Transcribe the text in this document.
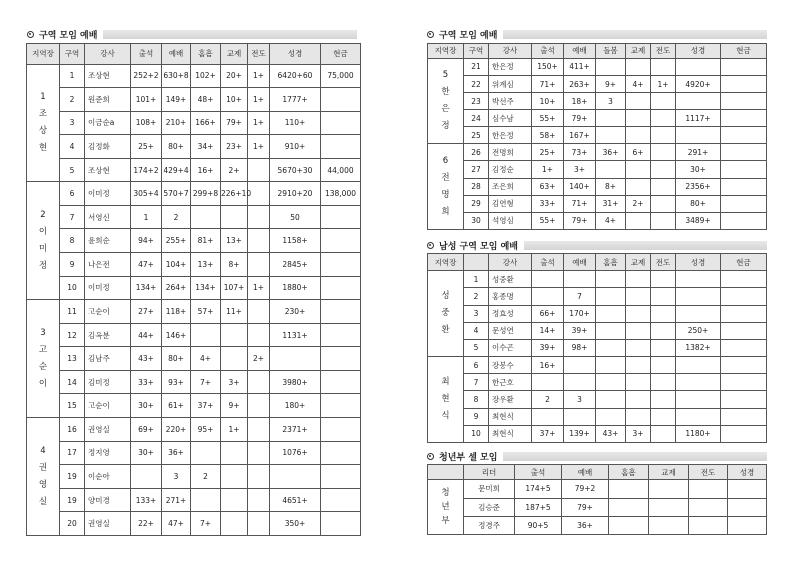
구역 모임 예배
지역장	구역	강사	출석	예배	홈흠	교제	전도	성경	현금

1
조
상
현	1	조상현	252+2	630+8	102+	20+	1+	6420+60	75,000
	2	원준희	101+	149+	48+	10+	1+	1777+	
	3	이금순a	108+	210+	166+	79+	1+	110+	
	4	김정화	25+	80+	34+	23+	1+	910+	
	5	조상현	174+2	429+4	16+	2+		5670+30	44,000

2
이
미
정	6	이미정	305+4	570+7	299+8	226+10		2910+20	138,000
	7	서영신	1	2				50	
	8	윤희순	94+	255+	81+	13+		1158+	
	9	나은전	47+	104+	13+	8+		2845+	
	10	이미정	134+	264+	134+	107+	1+	1880+	

3
고
순
이	11	고순이	27+	118+	57+	11+		230+	
	12	김옥분	44+	146+				1131+	
	13	김남주	43+	80+	4+		2+		
	14	김미정	33+	93+	7+	3+		3980+	
	15	고순이	30+	61+	37+	9+		180+	

4
권
영
실	16	권영실	69+	220+	95+	1+		2371+	
	17	정지영	30+	36+				1076+	
	19	이순아		3	2				
	19	양미경	133+	271+				4651+	
	20	권영실	22+	47+	7+			350+	
구역 모임 예배
지역장	구역	강사	출석	예배	돌봄	교제	전도	성경	현금

5
한
은
정	21	한은정	150+	411+					
	22	위계심	71+	263+	9+	4+	1+	4920+	
	23	박선주	10+	18+	3				
	24	심수남	55+	79+				1117+	
	25	한은정	58+	167+					

6
전
명
희	26	전명희	25+	73+	36+	6+		291+	
	27	김정순	1+	3+				30+	
	28	조은희	63+	140+	8+			2356+	
	29	김연형	33+	71+	31+	2+		80+	
	30	석영심	55+	79+	4+			3489+	
남성 구역 모임 예배
지역장		강사	출석	예배	홈흠	교제	전도	성경	현금

성
중
환	1	성중환							
	2	홍종명		7					
	3	정효성	66+	170+					
	4	문성연	14+	39+				250+	
	5	이수곤	39+	98+				1382+	

최
현
식	6	장봉수	16+						
	7	한근호							
	8	장우환	2	3					
	9	최현식							
	10	최현식	37+	139+	43+	3+		1180+	
청년부 셀 모임
	리더	출석	예배	홈흠	교제	전도	성경

청
년
부	문미희	174+5	79+2				
	김승준	187+5	79+				
	정경주	90+5	36+				
